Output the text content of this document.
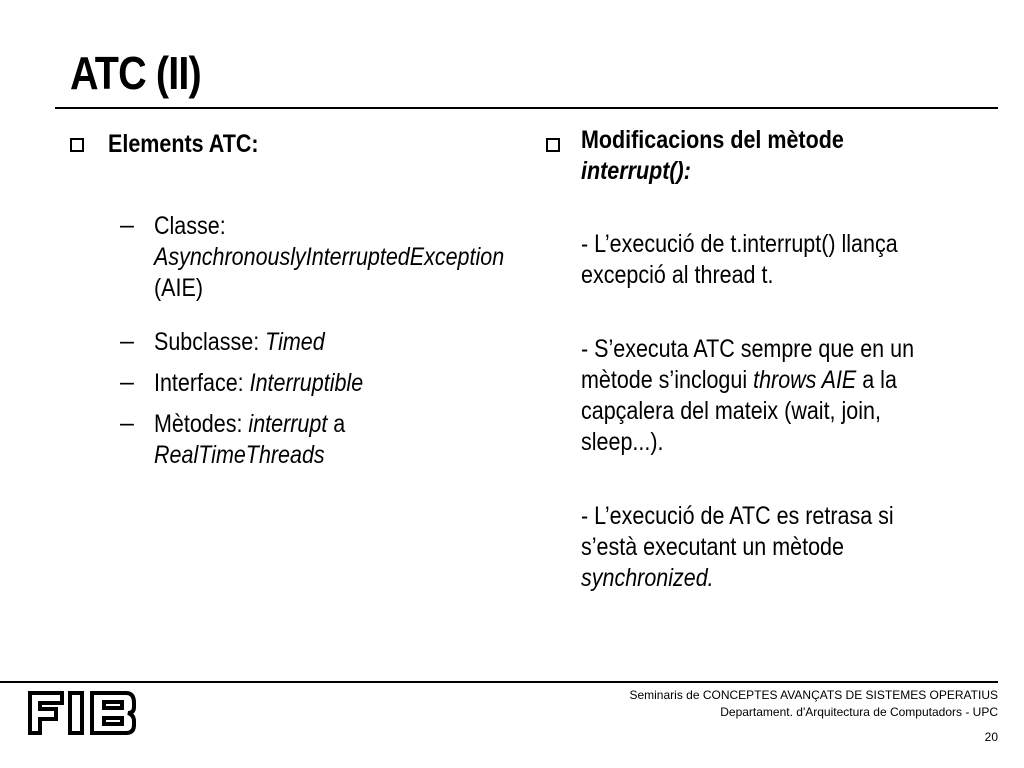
ATC (II)
Elements ATC:
– Classe:
AsynchronouslyInterruptedException
(AIE)
– Subclasse: Timed
– Interface: Interruptible
– Mètodes: interrupt a
RealTimeThreads
Modificacions del mètode
interrupt():
- L’execució de t.interrupt() llança
excepció al thread t.
- S’executa ATC sempre que en un
mètode s’inclogui throws AIE a la
capçalera del mateix (wait, join,
sleep...).
- L’execució de ATC es retrasa si
s’està executant un mètode
synchronized.
FIB	Seminaris de CONCEPTES AVANÇATS DE SISTEMES OPERATIUS
Departament. d'Arquitectura de Computadors - UPC
20
